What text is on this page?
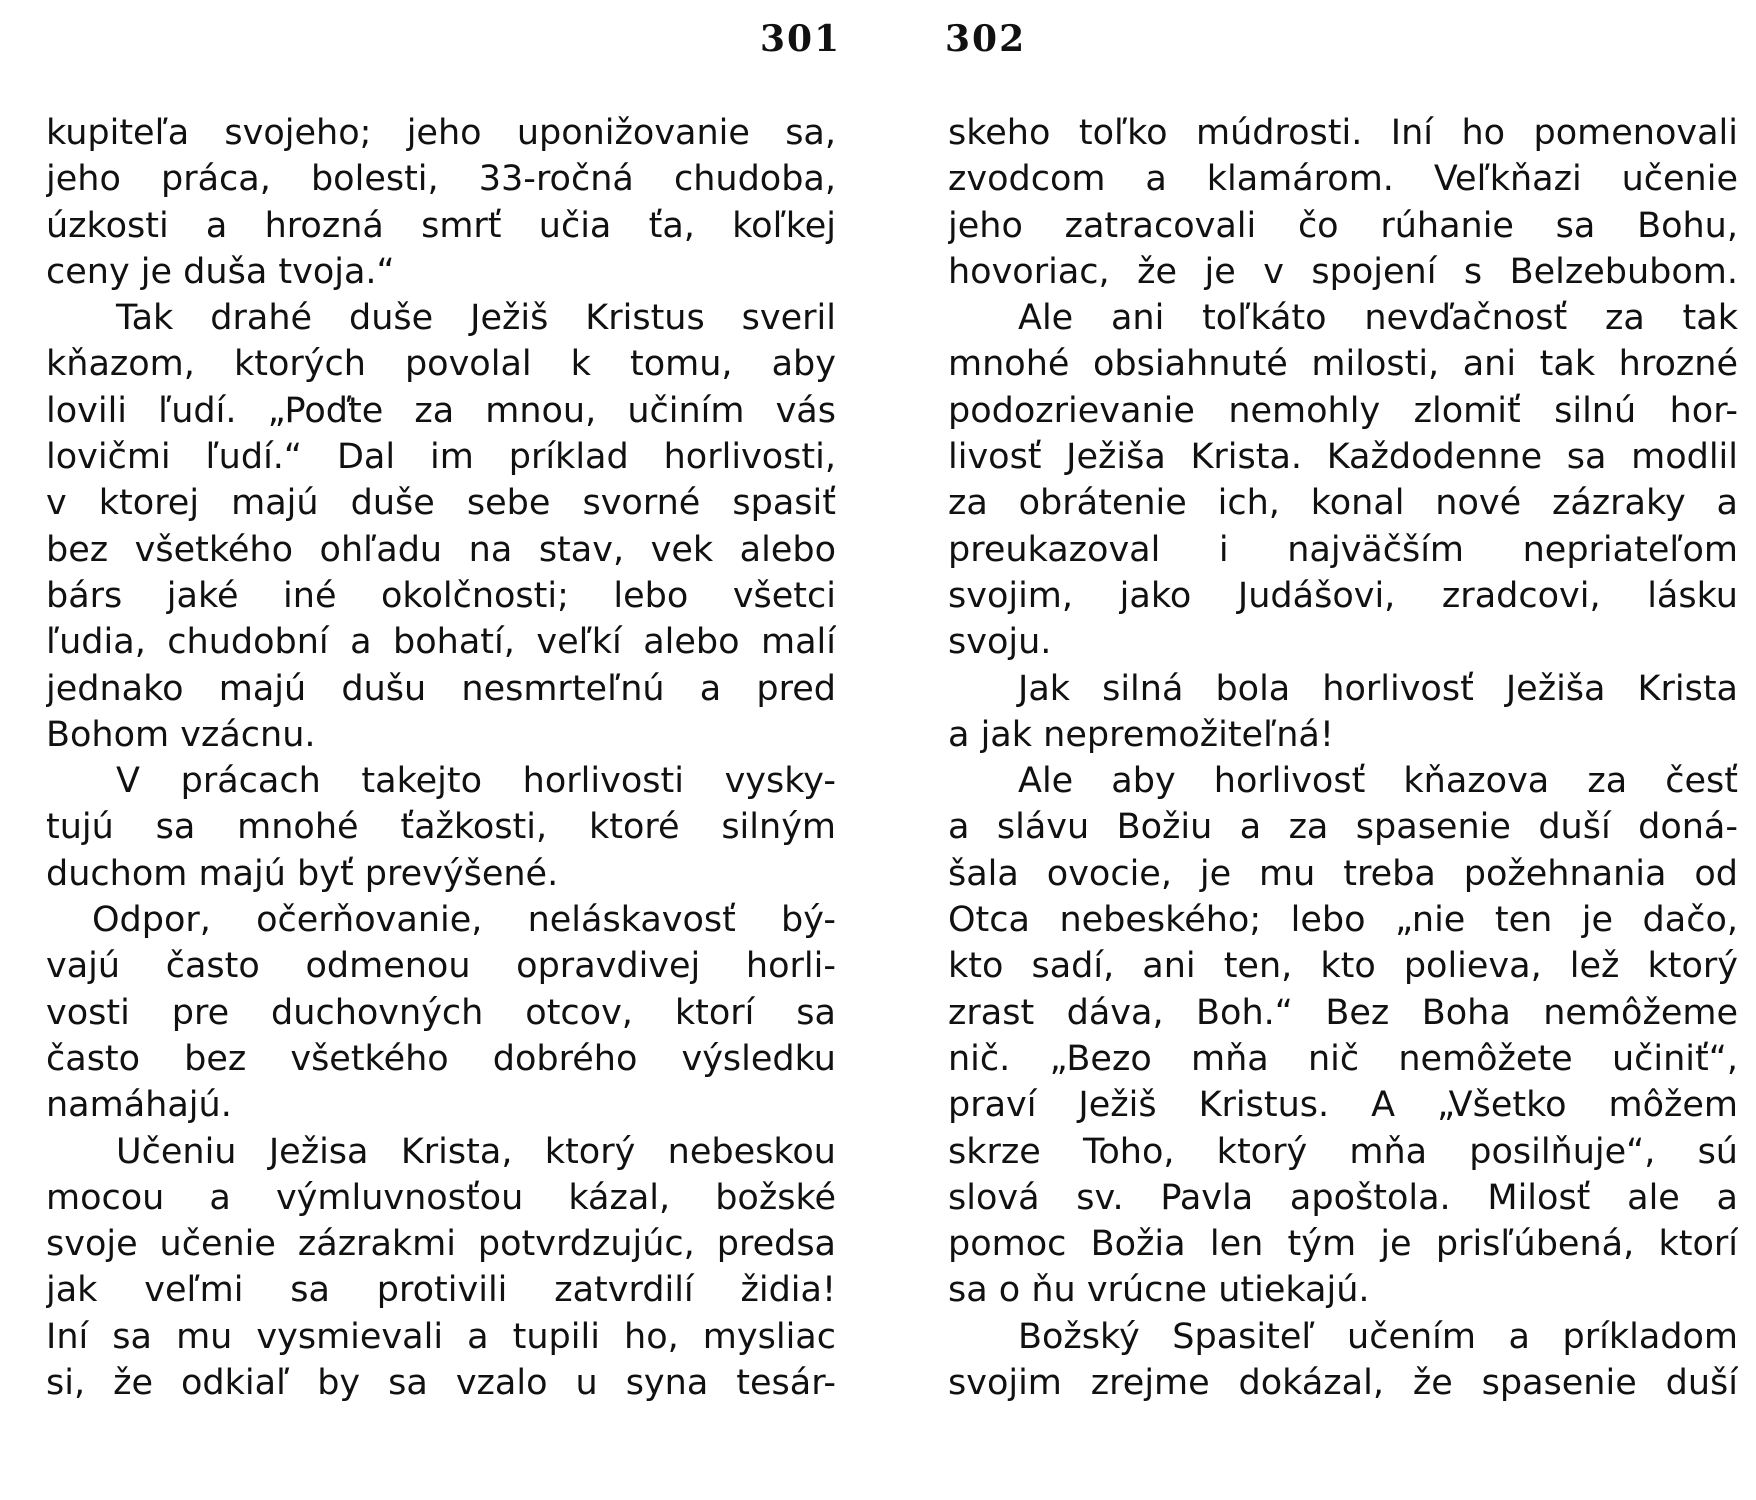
301	302
kupiteľa svojeho; jeho uponižovanie sa,
jeho práca, bolesti, 33-ročná chudoba,
úzkosti a hrozná smrť učia ťa, koľkej
ceny je duša tvoja.“
Tak drahé duše Ježiš Kristus sveril
kňazom, ktorých povolal k tomu, aby
lovili ľudí. „Poďte za mnou, učiním vás
lovičmi ľudí.“ Dal im príklad horlivosti,
v ktorej majú duše sebe svorné spasiť
bez všetkého ohľadu na stav, vek alebo
bárs jaké iné okolčnosti; lebo všetci
ľudia, chudobní a bohatí, veľkí alebo malí
jednako majú dušu nesmrteľnú a pred
Bohom vzácnu.
V prácach takejto horlivosti vysky-
tujú sa mnohé ťažkosti, ktoré silným
duchom majú byť prevýšené.
Odpor, očerňovanie, neláskavosť bý-
vajú často odmenou opravdivej horli-
vosti pre duchovných otcov, ktorí sa
často bez všetkého dobrého výsledku
namáhajú.
Učeniu Ježisa Krista, ktorý nebeskou
mocou a výmluvnosťou kázal, božské
svoje učenie zázrakmi potvrdzujúc, predsa
jak veľmi sa protivili zatvrdilí židia!
Iní sa mu vysmievali a tupili ho, mysliac
si, že odkiaľ by sa vzalo u syna tesár-
skeho toľko múdrosti. Iní ho pomenovali
zvodcom a klamárom. Veľkňazi učenie
jeho zatracovali čo rúhanie sa Bohu,
hovoriac, že je v spojení s Belzebubom.
Ale ani toľkáto nevďačnosť za tak
mnohé obsiahnuté milosti, ani tak hrozné
podozrievanie nemohly zlomiť silnú hor-
livosť Ježiša Krista. Každodenne sa modlil
za obrátenie ich, konal nové zázraky a
preukazoval i najväčším nepriateľom
svojim, jako Judášovi, zradcovi, lásku
svoju.
Jak silná bola horlivosť Ježiša Krista
a jak nepremožiteľná!
Ale aby horlivosť kňazova za česť
a slávu Božiu a za spasenie duší doná-
šala ovocie, je mu treba požehnania od
Otca nebeského; lebo „nie ten je dačo,
kto sadí, ani ten, kto polieva, lež ktorý
zrast dáva, Boh.“ Bez Boha nemôžeme
nič. „Bezo mňa nič nemôžete učiniť“,
praví Ježiš Kristus. A „Všetko môžem
skrze Toho, ktorý mňa posilňuje“, sú
slová sv. Pavla apoštola. Milosť ale a
pomoc Božia len tým je prisľúbená, ktorí
sa o ňu vrúcne utiekajú.
Božský Spasiteľ učením a príkladom
svojim zrejme dokázal, že spasenie duší
